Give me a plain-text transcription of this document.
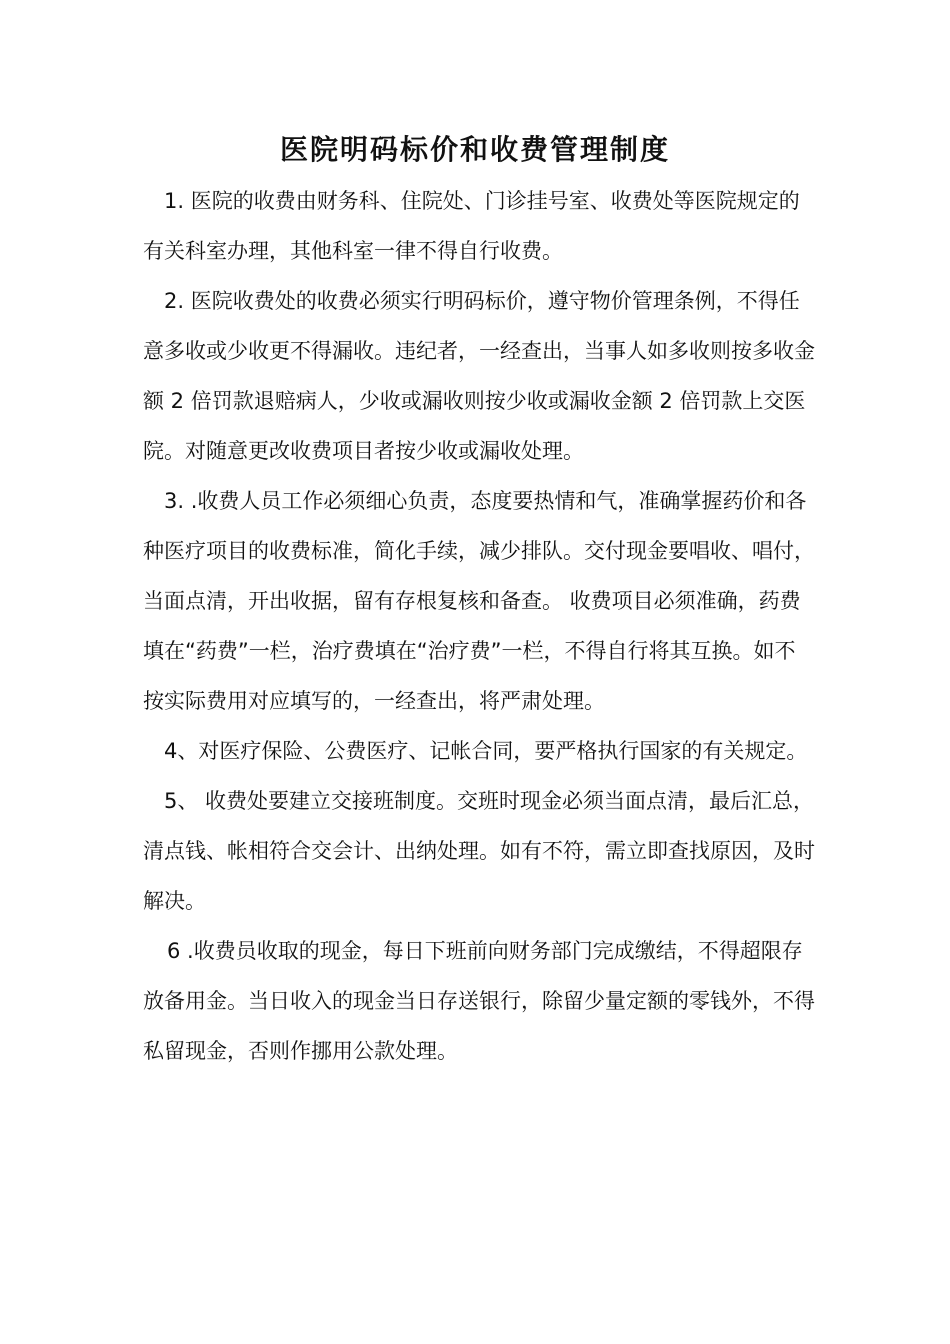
医院明码标价和收费管理制度

1. 医院的收费由财务科、住院处、门诊挂号室、收费处等医院规定的有关科室办理，其他科室一律不得自行收费。

2. 医院收费处的收费必须实行明码标价，遵守物价管理条例，不得任意多收或少收更不得漏收。违纪者，一经查出，当事人如多收则按多收金额 2 倍罚款退赔病人，少收或漏收则按少收或漏收金额 2 倍罚款上交医院。对随意更改收费项目者按少收或漏收处理。

3. .收费人员工作必须细心负责，态度要热情和气，准确掌握药价和各种医疗项目的收费标准，简化手续，减少排队。交付现金要唱收、唱付，当面点清，开出收据，留有存根复核和备查。 收费项目必须准确，药费填在“药费”一栏，治疗费填在“治疗费”一栏，不得自行将其互换。如不按实际费用对应填写的，一经查出，将严肃处理。

4、对医疗保险、公费医疗、记帐合同，要严格执行国家的有关规定。

5、 收费处要建立交接班制度。交班时现金必须当面点清，最后汇总，清点钱、帐相符合交会计、出纳处理。如有不符，需立即查找原因，及时解决。

6 .收费员收取的现金，每日下班前向财务部门完成缴结，不得超限存放备用金。当日收入的现金当日存送银行，除留少量定额的零钱外，不得私留现金，否则作挪用公款处理。
